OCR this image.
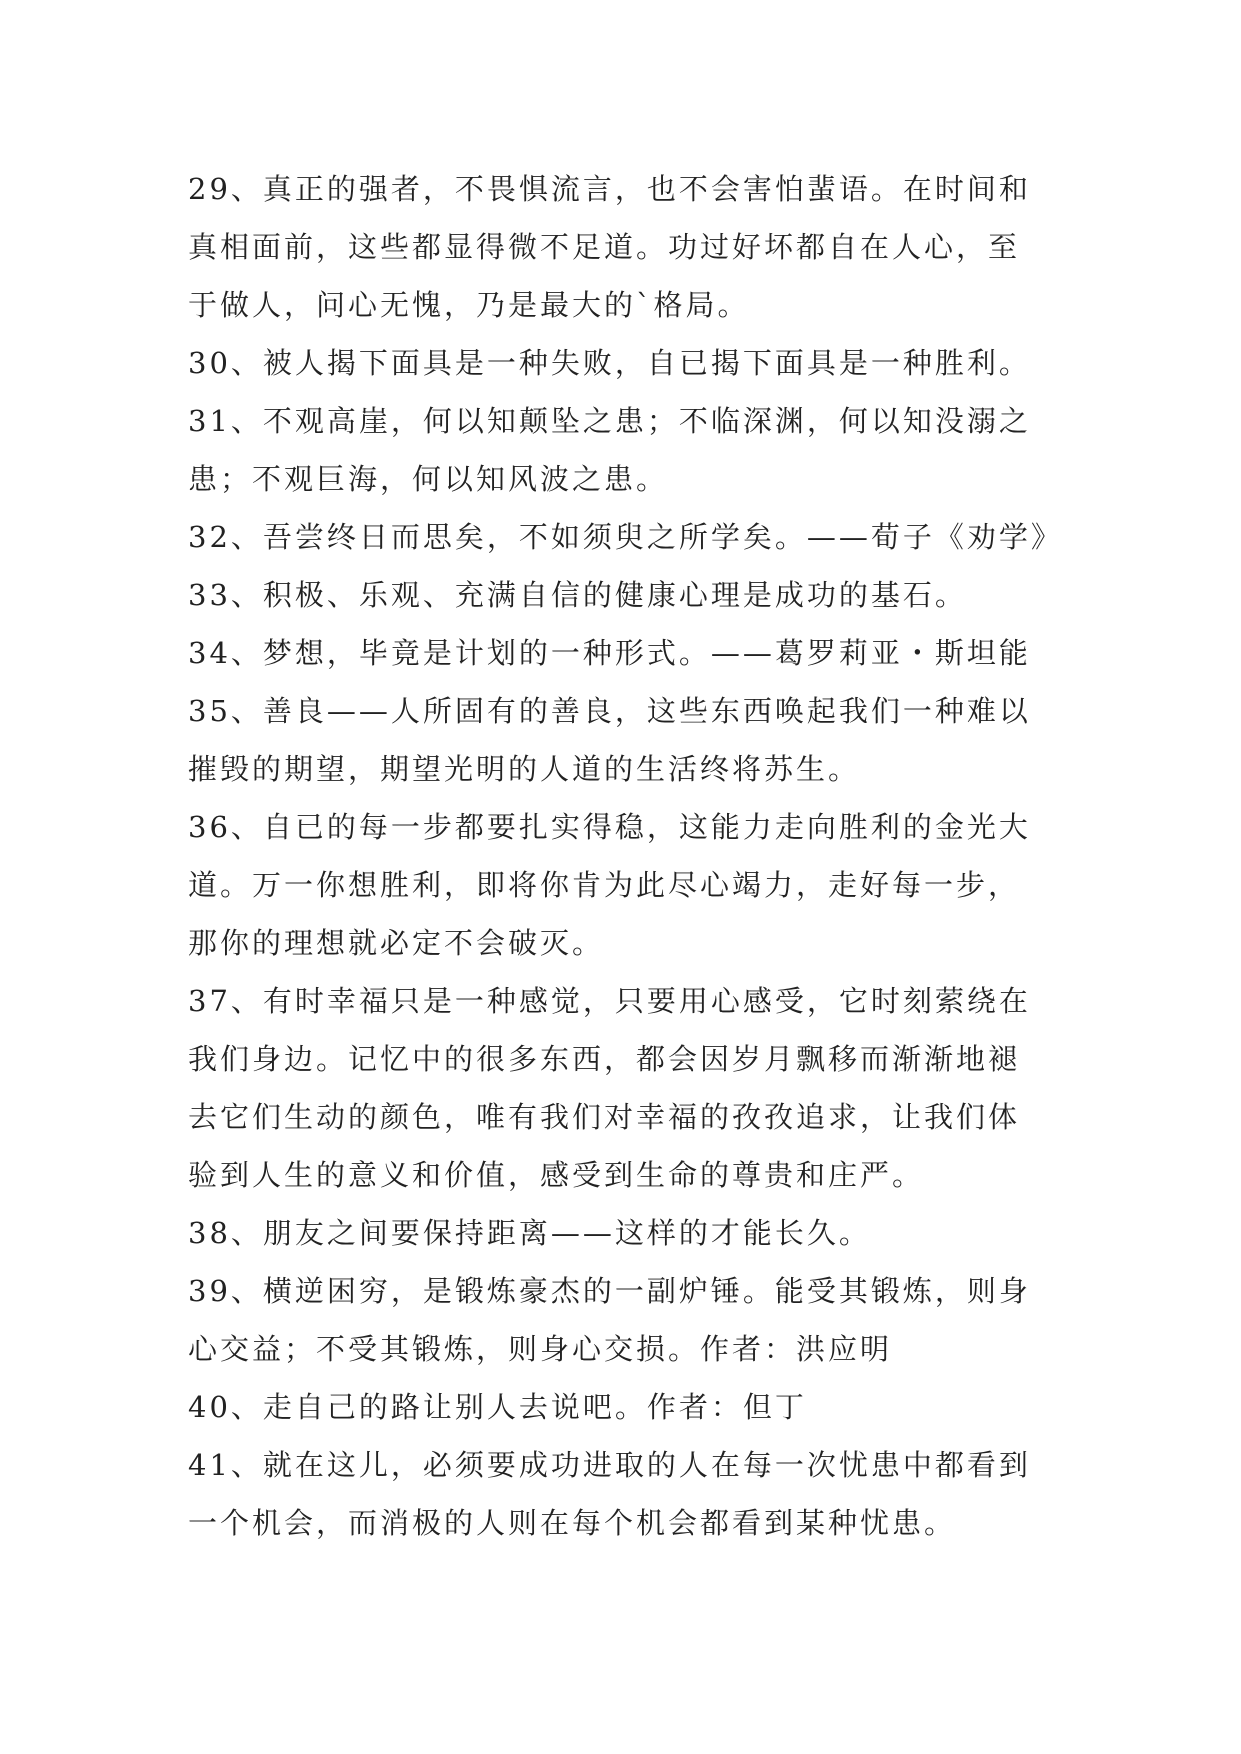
29、真正的强者，不畏惧流言，也不会害怕蜚语。在时间和
真相面前，这些都显得微不足道。功过好坏都自在人心，至
于做人，问心无愧，乃是最大的`格局。
30、被人揭下面具是一种失败，自已揭下面具是一种胜利。
31、不观高崖，何以知颠坠之患；不临深渊，何以知没溺之
患；不观巨海，何以知风波之患。
32、吾尝终日而思矣，不如须臾之所学矣。——荀子《劝学》
33、积极、乐观、充满自信的健康心理是成功的基石。
34、梦想，毕竟是计划的一种形式。——葛罗莉亚・斯坦能
35、善良——人所固有的善良，这些东西唤起我们一种难以
摧毁的期望，期望光明的人道的生活终将苏生。
36、自已的每一步都要扎实得稳，这能力走向胜利的金光大
道。万一你想胜利，即将你肯为此尽心竭力，走好每一步，
那你的理想就必定不会破灭。
37、有时幸福只是一种感觉，只要用心感受，它时刻萦绕在
我们身边。记忆中的很多东西，都会因岁月飘移而渐渐地褪
去它们生动的颜色，唯有我们对幸福的孜孜追求，让我们体
验到人生的意义和价值，感受到生命的尊贵和庄严。
38、朋友之间要保持距离——这样的才能长久。
39、横逆困穷，是锻炼豪杰的一副炉锤。能受其锻炼，则身
心交益；不受其锻炼，则身心交损。作者：洪应明
40、走自己的路让别人去说吧。作者：但丁
41、就在这儿，必须要成功进取的人在每一次忧患中都看到
一个机会，而消极的人则在每个机会都看到某种忧患。
